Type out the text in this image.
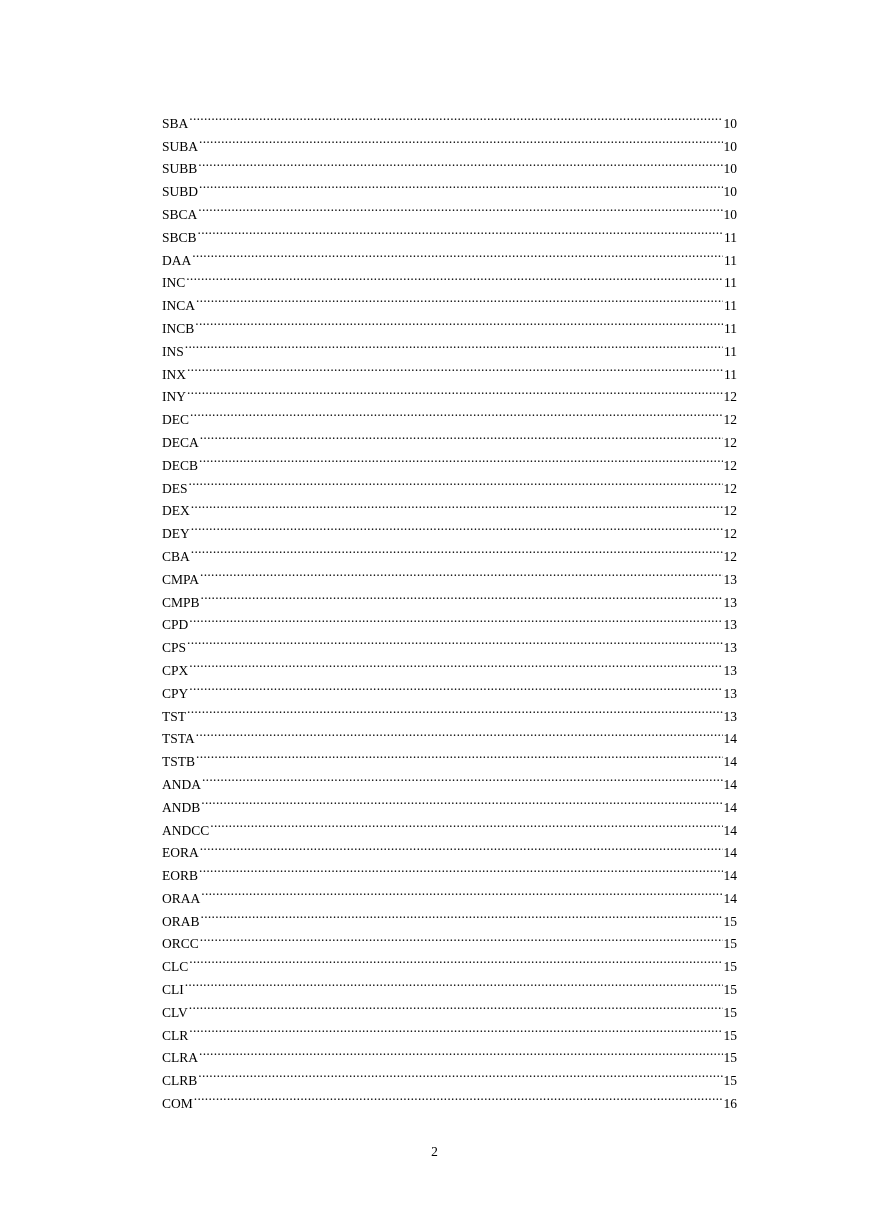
SBA .....	10
SUBA .....	10
SUBB .....	10
SUBD .....	10
SBCA .....	10
SBCB .....	11
DAA .....	11
INC .....	11
INCA .....	11
INCB .....	11
INS .....	11
INX .....	11
INY .....	12
DEC .....	12
DECA .....	12
DECB .....	12
DES .....	12
DEX .....	12
DEY .....	12
CBA .....	12
CMPA .....	13
CMPB .....	13
CPD .....	13
CPS .....	13
CPX .....	13
CPY .....	13
TST .....	13
TSTA .....	14
TSTB .....	14
ANDA .....	14
ANDB .....	14
ANDCC .....	14
EORA .....	14
EORB .....	14
ORAA .....	14
ORAB .....	15
ORCC .....	15
CLC .....	15
CLI .....	15
CLV .....	15
CLR .....	15
CLRA .....	15
CLRB .....	15
COM .....	16
2
